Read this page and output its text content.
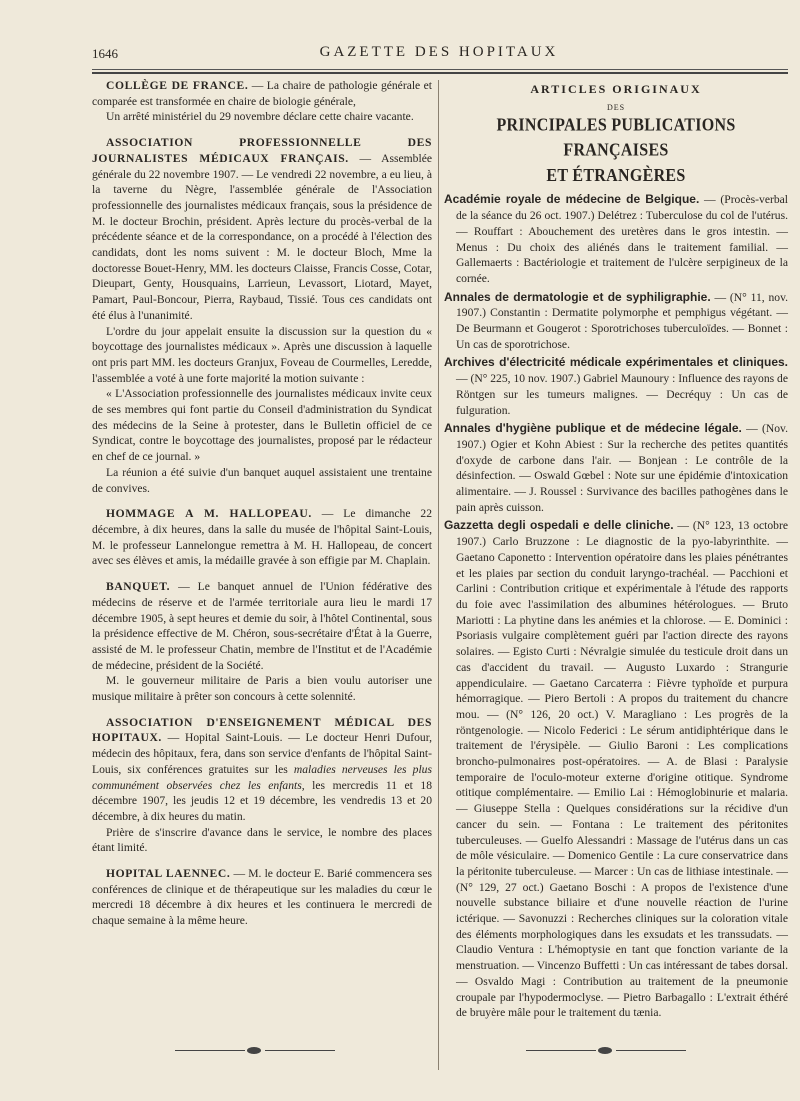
1646	GAZETTE DES HOPITAUX

COLLÈGE DE FRANCE. — La chaire de pathologie générale et comparée est transformée en chaire de biologie générale,

Un arrêté ministériel du 29 novembre déclare cette chaire vacante.

ASSOCIATION PROFESSIONNELLE DES JOURNALISTES MÉDICAUX FRANÇAIS. — Assemblée générale du 22 novembre 1907. — Le vendredi 22 novembre, a eu lieu, à la taverne du Nègre, l'assemblée générale de l'Association professionnelle des journalistes médicaux français, sous la présidence de M. le docteur Brochin, président. Après lecture du procès-verbal de la précédente séance et de la correspondance, on a procédé à l'élection des candidats, dont les noms suivent : M. le docteur Bloch, Mme la doctoresse Bouet-Henry, MM. les docteurs Claisse, Francis Cosse, Cotar, Dieupart, Genty, Housquains, Larrieun, Levassort, Liotard, Mayet, Pamart, Paul-Boncour, Pierra, Raybaud, Tissié. Tous ces candidats ont été élus à l'unanimité.

L'ordre du jour appelait ensuite la discussion sur la question du « boycottage des journalistes médicaux ». Après une discussion à laquelle ont pris part MM. les docteurs Granjux, Foveau de Courmelles, Leredde, l'assemblée a voté à une forte majorité la motion suivante :

« L'Association professionnelle des journalistes médicaux invite ceux de ses membres qui font partie du Conseil d'administration du Syndicat des médecins de la Seine à protester, dans le Bulletin officiel de ce Syndicat, contre le boycottage des journalistes, proposé par le rédacteur en chef de ce journal. »

La réunion a été suivie d'un banquet auquel assistaient une trentaine de convives.

HOMMAGE A M. HALLOPEAU. — Le dimanche 22 décembre, à dix heures, dans la salle du musée de l'hôpital Saint-Louis, M. le professeur Lannelongue remettra à M. H. Hallopeau, de concert avec ses élèves et amis, la médaille gravée à son effigie par M. Chaplain.

BANQUET. — Le banquet annuel de l'Union fédérative des médecins de réserve et de l'armée territoriale aura lieu le mardi 17 décembre 1905, à sept heures et demie du soir, à l'hôtel Continental, sous la présidence effective de M. Chéron, sous-secrétaire d'État à la Guerre, assisté de M. le professeur Chatin, membre de l'Institut et de l'Académie de médecine, président de la Société.

M. le gouverneur militaire de Paris a bien voulu autoriser une musique militaire à prêter son concours à cette solennité.

ASSOCIATION D'ENSEIGNEMENT MÉDICAL DES HOPITAUX. — Hopital Saint-Louis. — Le docteur Henri Dufour, médecin des hôpitaux, fera, dans son service d'enfants de l'hôpital Saint-Louis, six conférences gratuites sur les maladies nerveuses les plus communément observées chez les enfants, les mercredis 11 et 18 décembre 1907, les jeudis 12 et 19 décembre, les vendredis 13 et 20 décembre, à dix heures du matin.

Prière de s'inscrire d'avance dans le service, le nombre des places étant limité.

HOPITAL LAENNEC. — M. le docteur E. Barié commencera ses conférences de clinique et de thérapeutique sur les maladies du cœur le mercredi 18 décembre à dix heures et les continuera le mercredi de chaque semaine à la même heure.

ARTICLES ORIGINAUX
DES
PRINCIPALES PUBLICATIONS FRANÇAISES
ET ÉTRANGÈRES

Académie royale de médecine de Belgique. — (Procès-verbal de la séance du 26 oct. 1907.) Delétrez : Tuberculose du col de l'utérus. — Rouffart : Abouchement des uretères dans le gros intestin. — Menus : Du choix des aliénés dans le traitement familial. — Gallemaerts : Bactériologie et traitement de l'ulcère serpigineux de la cornée.

Annales de dermatologie et de syphiligraphie. — (N° 11, nov. 1907.) Constantin : Dermatite polymorphe et pemphigus végétant. — De Beurmann et Gougerot : Sporotrichoses tuberculoïdes. — Bonnet : Un cas de sporotrichose.

Archives d'électricité médicale expérimentales et cliniques. — (N° 225, 10 nov. 1907.) Gabriel Maunoury : Influence des rayons de Röntgen sur les tumeurs malignes. — Decréquy : Un cas de fulguration.

Annales d'hygiène publique et de médecine légale. — (Nov. 1907.) Ogier et Kohn Abiest : Sur la recherche des petites quantités d'oxyde de carbone dans l'air. — Bonjean : Le contrôle de la désinfection. — Oswald Gœbel : Note sur une épidémie d'intoxication alimentaire. — J. Roussel : Survivance des bacilles pathogènes dans le pain après cuisson.

Gazzetta degli ospedali e delle cliniche. — (N° 123, 13 octobre 1907.) Carlo Bruzzone : Le diagnostic de la pyo-labyrinthite. — Gaetano Caponetto : Intervention opératoire dans les plaies pénétrantes et les plaies par section du conduit laryngo-trachéal. — Pacchioni et Carlini : Contribution critique et expérimentale à l'étude des rapports du foie avec l'assimilation des albumines hétérologues. — Bruto Mariotti : La phytine dans les anémies et la chlorose. — E. Dominici : Psoriasis vulgaire complètement guéri par l'action directe des rayons solaires. — Egisto Curti : Névralgie simulée du testicule droit dans un cas d'accident du travail. — Augusto Luxardo : Strangurie appendiculaire. — Gaetano Carcaterra : Fièvre typhoïde et purpura hémorragique. — Piero Bertoli : A propos du traitement du chancre mou. — (N° 126, 20 oct.) V. Maragliano : Les progrès de la röntgenologie. — Nicolo Federici : Le sérum antidiphtérique dans le traitement de l'érysipèle. — Giulio Baroni : Les complications broncho-pulmonaires post-opératoires. — A. de Blasi : Paralysie temporaire de l'oculo-moteur externe d'origine otitique. Syndrome otitique complémentaire. — Emilio Lai : Hémoglobinurie et malaria. — Giuseppe Stella : Quelques considérations sur la récidive d'un cancer du sein. — Fontana : Le traitement des péritonites tuberculeuses. — Guelfo Alessandri : Massage de l'utérus dans un cas de môle vésiculaire. — Domenico Gentile : La cure conservatrice dans la péritonite tuberculeuse. — Marcer : Un cas de lithiase intestinale. — (N° 129, 27 oct.) Gaetano Boschi : A propos de l'existence d'une nouvelle substance biliaire et d'une nouvelle réaction de l'urine ictérique. — Savonuzzi : Recherches cliniques sur la coloration vitale des éléments morphologiques dans les exsudats et les transsudats. — Claudio Ventura : L'hémoptysie en tant que fonction variante de la menstruation. — Vincenzo Buffetti : Un cas intéressant de tabes dorsal. — Osvaldo Magi : Contribution au traitement de la pneumonie croupale par l'hypodermoclyse. — Pietro Barbagallo : L'extrait éthéré de bruyère mâle pour le traitement du tænia.
